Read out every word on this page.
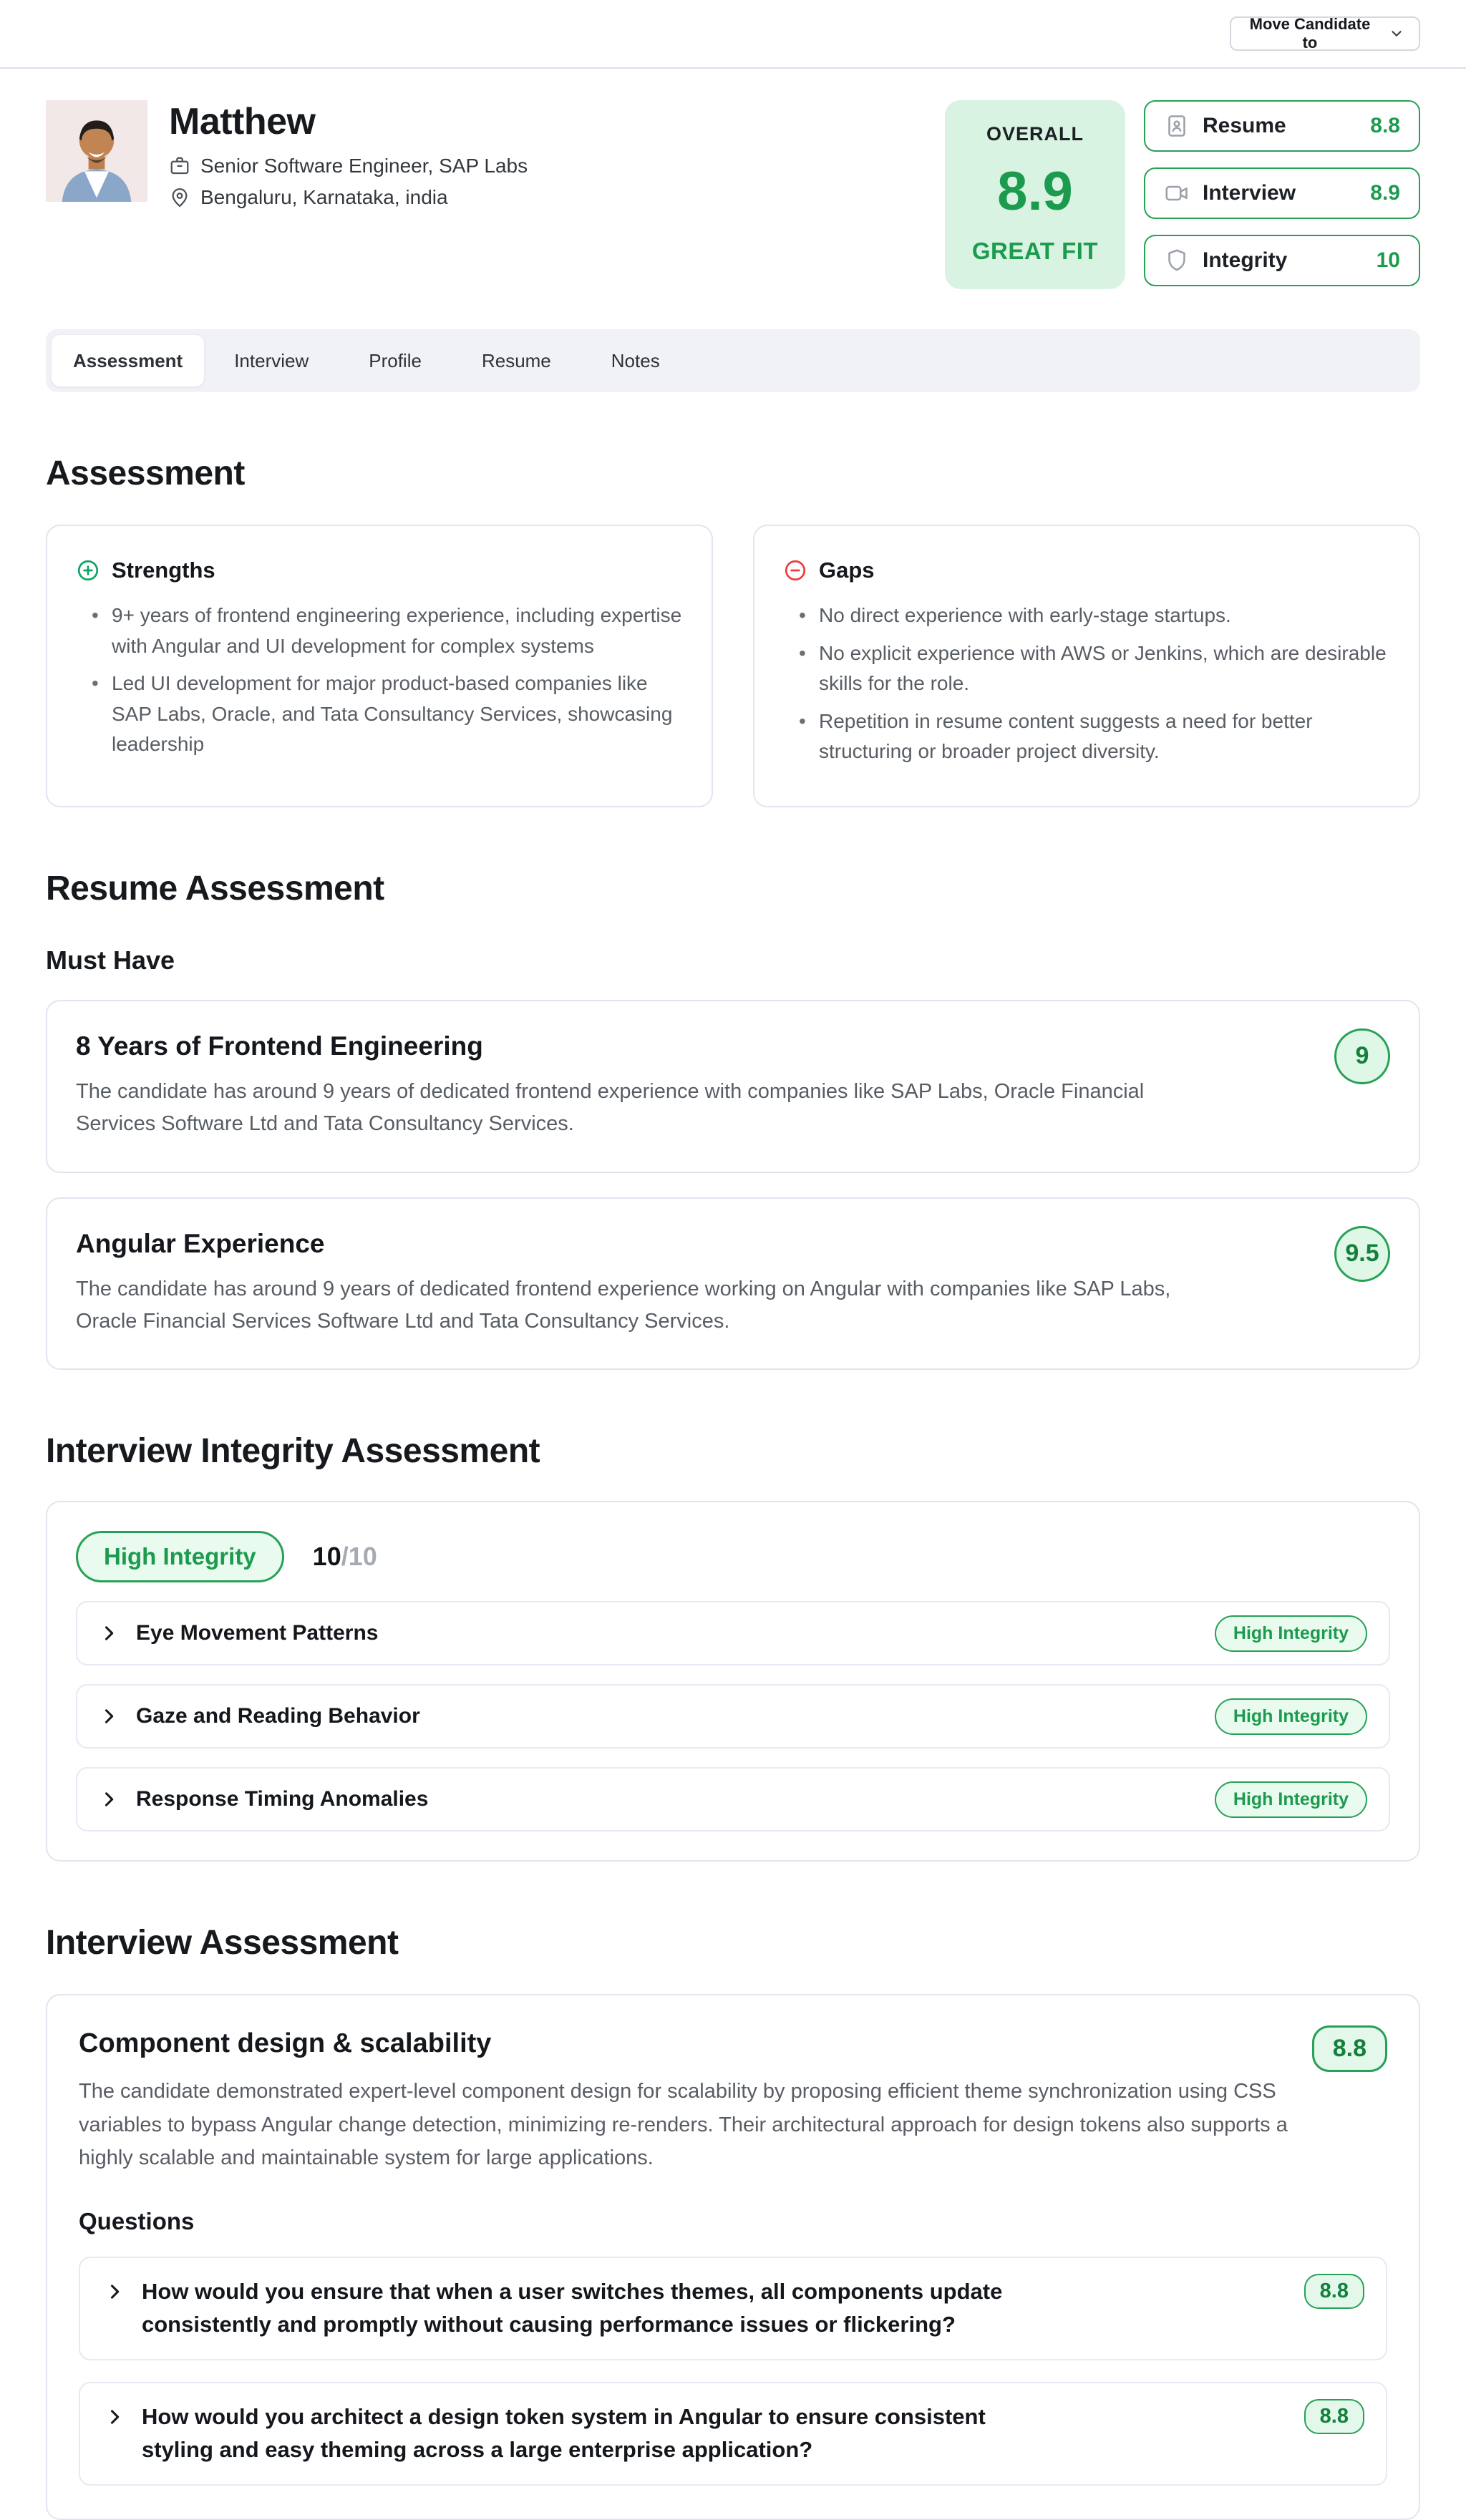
Move Candidate to
Matthew
Senior Software Engineer, SAP Labs
Bengaluru, Karnataka, india
OVERALL
8.9
GREAT FIT
Resume	8.8
Interview	8.9
Integrity	10
Assessment	Interview	Profile	Resume	Notes
Assessment
Strengths
• 9+ years of frontend engineering experience, including expertise with Angular and UI development for complex systems
• Led UI development for major product-based companies like SAP Labs, Oracle, and Tata Consultancy Services, showcasing leadership
Gaps
• No direct experience with early-stage startups.
• No explicit experience with AWS or Jenkins, which are desirable skills for the role.
• Repetition in resume content suggests a need for better structuring or broader project diversity.
Resume Assessment
Must Have
8 Years of Frontend Engineering

The candidate has around 9 years of dedicated frontend experience with companies like SAP Labs, Oracle Financial Services Software Ltd and Tata Consultancy Services.

9
Angular Experience

The candidate has around 9 years of dedicated frontend experience working on Angular with companies like SAP Labs, Oracle Financial Services Software Ltd and Tata Consultancy Services.

9.5
Interview Integrity Assessment
High Integrity	10/10
Eye Movement Patterns	High Integrity
Gaze and Reading Behavior	High Integrity
Response Timing Anomalies	High Integrity
Interview Assessment
Component design & scalability	8.8

The candidate demonstrated expert-level component design for scalability by proposing efficient theme synchronization using CSS variables to bypass Angular change detection, minimizing re-renders. Their architectural approach for design tokens also supports a highly scalable and maintainable system for large applications.

Questions
How would you ensure that when a user switches themes, all components update consistently and promptly without causing performance issues or flickering?
8.8
How would you architect a design token system in Angular to ensure consistent styling and easy theming across a large enterprise application?
8.8
